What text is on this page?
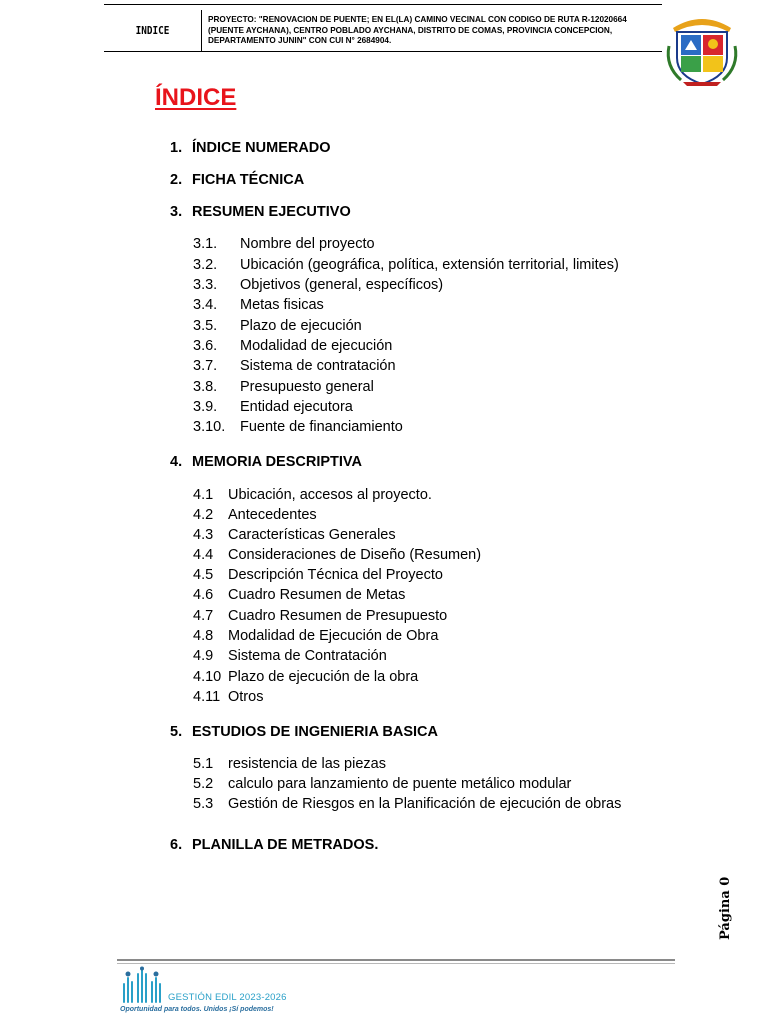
INDICE
PROYECTO: "RENOVACION DE PUENTE; EN EL(LA) CAMINO VECINAL CON CODIGO DE RUTA R-12020664 (PUENTE AYCHANA), CENTRO POBLADO AYCHANA, DISTRITO DE COMAS, PROVINCIA CONCEPCION, DEPARTAMENTO JUNIN" CON CUI N° 2684904.
ÍNDICE
1. ÍNDICE NUMERADO
2. FICHA TÉCNICA
3. RESUMEN EJECUTIVO
3.1. Nombre del proyecto
3.2. Ubicación (geográfica, política, extensión territorial, limites)
3.3. Objetivos (general, específicos)
3.4. Metas fisicas
3.5. Plazo de ejecución
3.6. Modalidad de ejecución
3.7. Sistema de contratación
3.8. Presupuesto general
3.9. Entidad ejecutora
3.10. Fuente de financiamiento
4. MEMORIA DESCRIPTIVA
4.1 Ubicación, accesos al proyecto.
4.2 Antecedentes
4.3 Características Generales
4.4 Consideraciones de Diseño (Resumen)
4.5 Descripción Técnica del Proyecto
4.6 Cuadro Resumen de Metas
4.7 Cuadro Resumen de Presupuesto
4.8 Modalidad de Ejecución de Obra
4.9 Sistema de Contratación
4.10 Plazo de ejecución de la obra
4.11 Otros
5. ESTUDIOS DE INGENIERIA BASICA
5.1 resistencia de las piezas
5.2 calculo para lanzamiento de puente metálico modular
5.3 Gestión de Riesgos en la Planificación de ejecución de obras
6. PLANILLA DE METRADOS.
Página 0
GESTIÓN EDIL 2023-2026
Oportunidad para todos. Unidos ¡Sí podemos!
